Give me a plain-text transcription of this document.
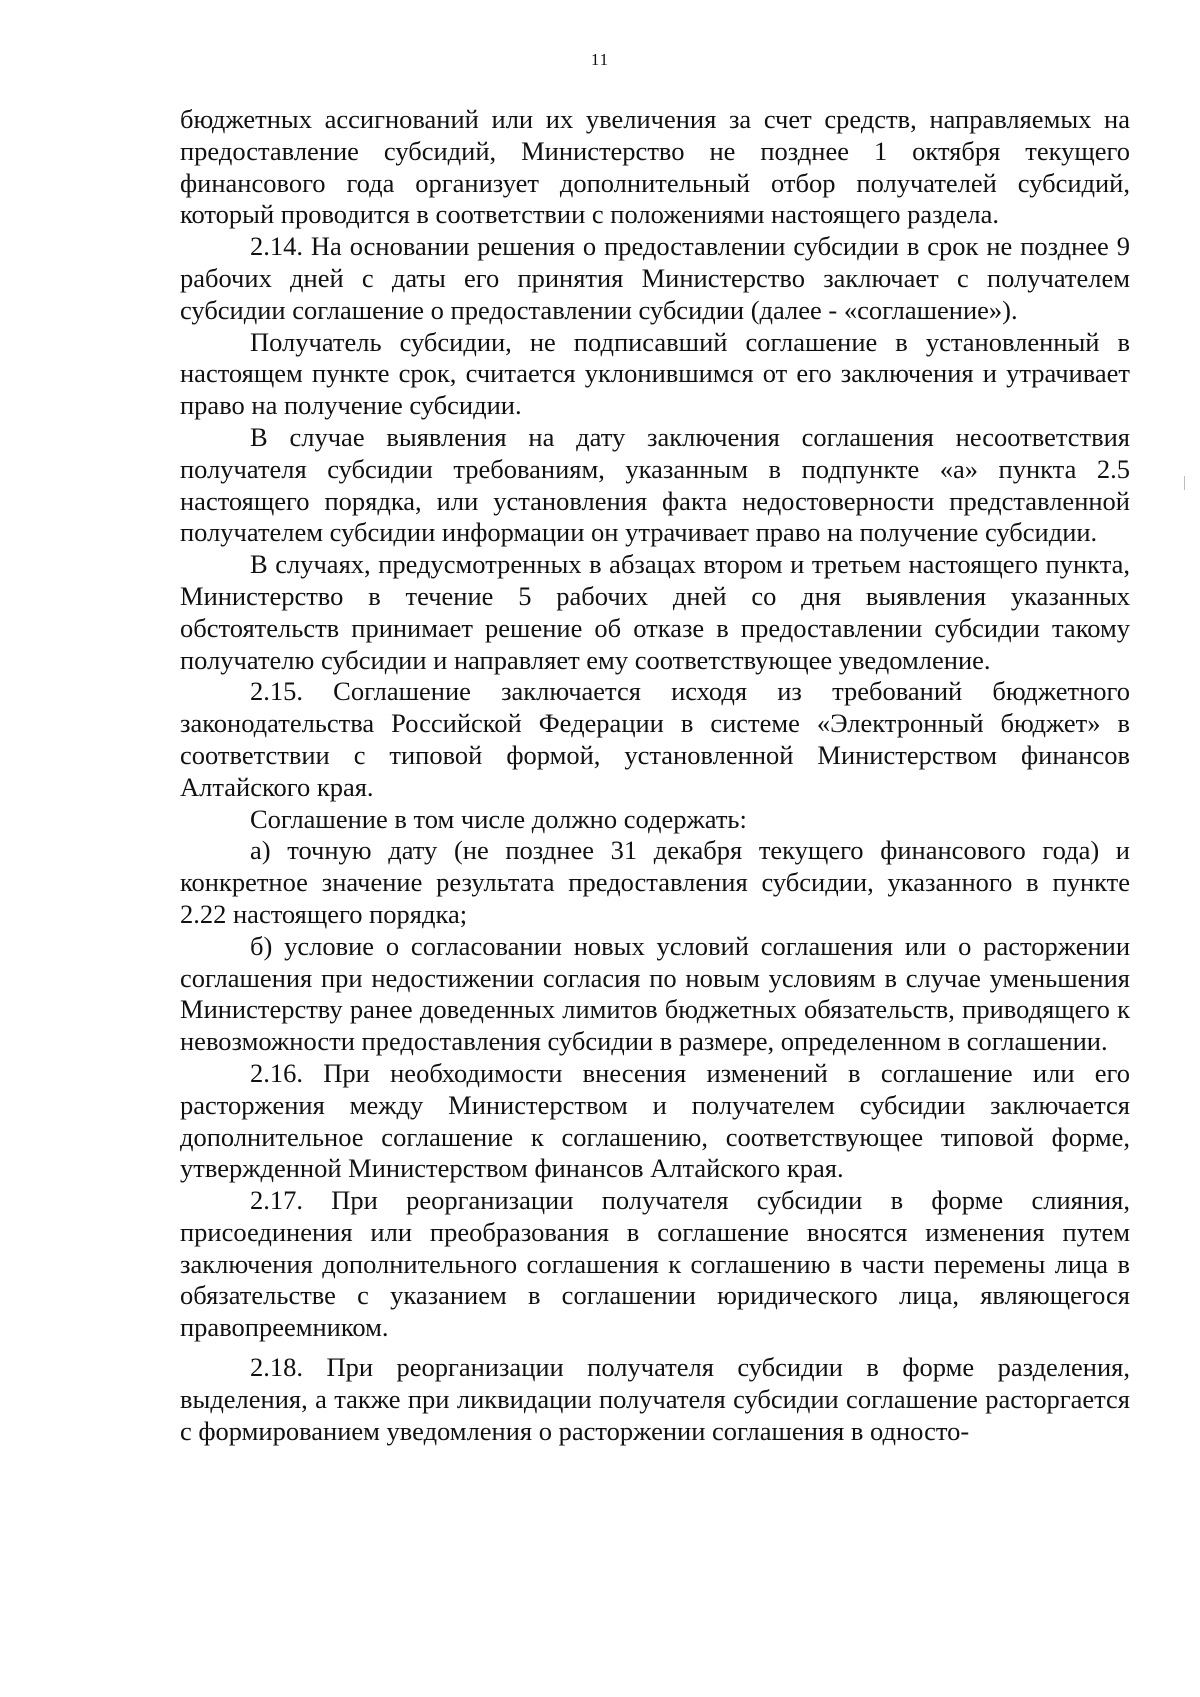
11

бюджетных ассигнований или их увеличения за счет средств, направляемых на предоставление субсидий, Министерство не позднее 1 октября текущего финансового года организует дополнительный отбор получателей субсидий, который проводится в соответствии с положениями настоящего раздела.

2.14. На основании решения о предоставлении субсидии в срок не позднее 9 рабочих дней с даты его принятия Министерство заключает с получателем субсидии соглашение о предоставлении субсидии (далее - «соглашение»).

Получатель субсидии, не подписавший соглашение в установленный в настоящем пункте срок, считается уклонившимся от его заключения и утрачивает право на получение субсидии.

В случае выявления на дату заключения соглашения несоответствия получателя субсидии требованиям, указанным в подпункте «а» пункта 2.5 настоящего порядка, или установления факта недостоверности представленной получателем субсидии информации он утрачивает право на получение субсидии.

В случаях, предусмотренных в абзацах втором и третьем настоящего пункта, Министерство в течение 5 рабочих дней со дня выявления указанных обстоятельств принимает решение об отказе в предоставлении субсидии такому получателю субсидии и направляет ему соответствующее уведомление.

2.15. Соглашение заключается исходя из требований бюджетного законодательства Российской Федерации в системе «Электронный бюджет» в соответствии с типовой формой, установленной Министерством финансов Алтайского края.

Соглашение в том числе должно содержать:

а) точную дату (не позднее 31 декабря текущего финансового года) и конкретное значение результата предоставления субсидии, указанного в пункте 2.22 настоящего порядка;

б) условие о согласовании новых условий соглашения или о расторжении соглашения при недостижении согласия по новым условиям в случае уменьшения Министерству ранее доведенных лимитов бюджетных обязательств, приводящего к невозможности предоставления субсидии в размере, определенном в соглашении.

2.16. При необходимости внесения изменений в соглашение или его расторжения между Министерством и получателем субсидии заключается дополнительное соглашение к соглашению, соответствующее типовой форме, утвержденной Министерством финансов Алтайского края.

2.17. При реорганизации получателя субсидии в форме слияния, присоединения или преобразования в соглашение вносятся изменения путем заключения дополнительного соглашения к соглашению в части перемены лица в обязательстве с указанием в соглашении юридического лица, являющегося правопреемником.

2.18. При реорганизации получателя субсидии в форме разделения, выделения, а также при ликвидации получателя субсидии соглашение расторгается с формированием уведомления о расторжении соглашения в односто-
